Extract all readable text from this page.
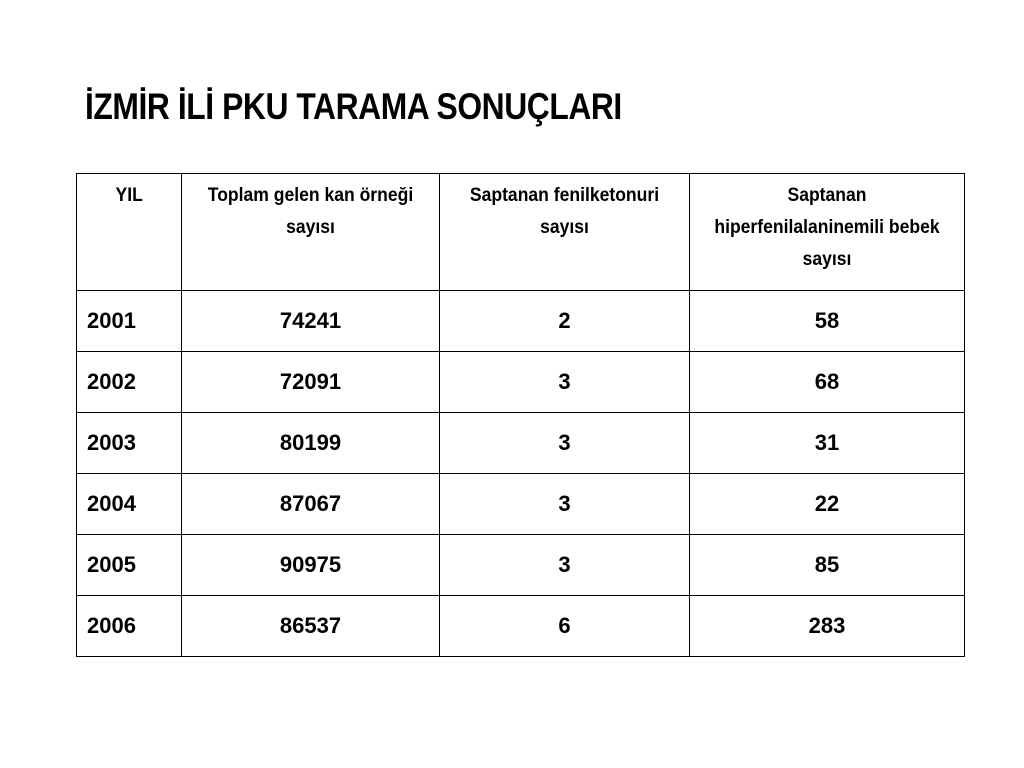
İZMİR İLİ PKU TARAMA SONUÇLARI
YIL	Toplam gelen kan örneği sayısı	Saptanan fenilketonuri sayısı	Saptanan hiperfenilalaninemili bebek sayısı
2001	74241	2	58
2002	72091	3	68
2003	80199	3	31
2004	87067	3	22
2005	90975	3	85
2006	86537	6	283
